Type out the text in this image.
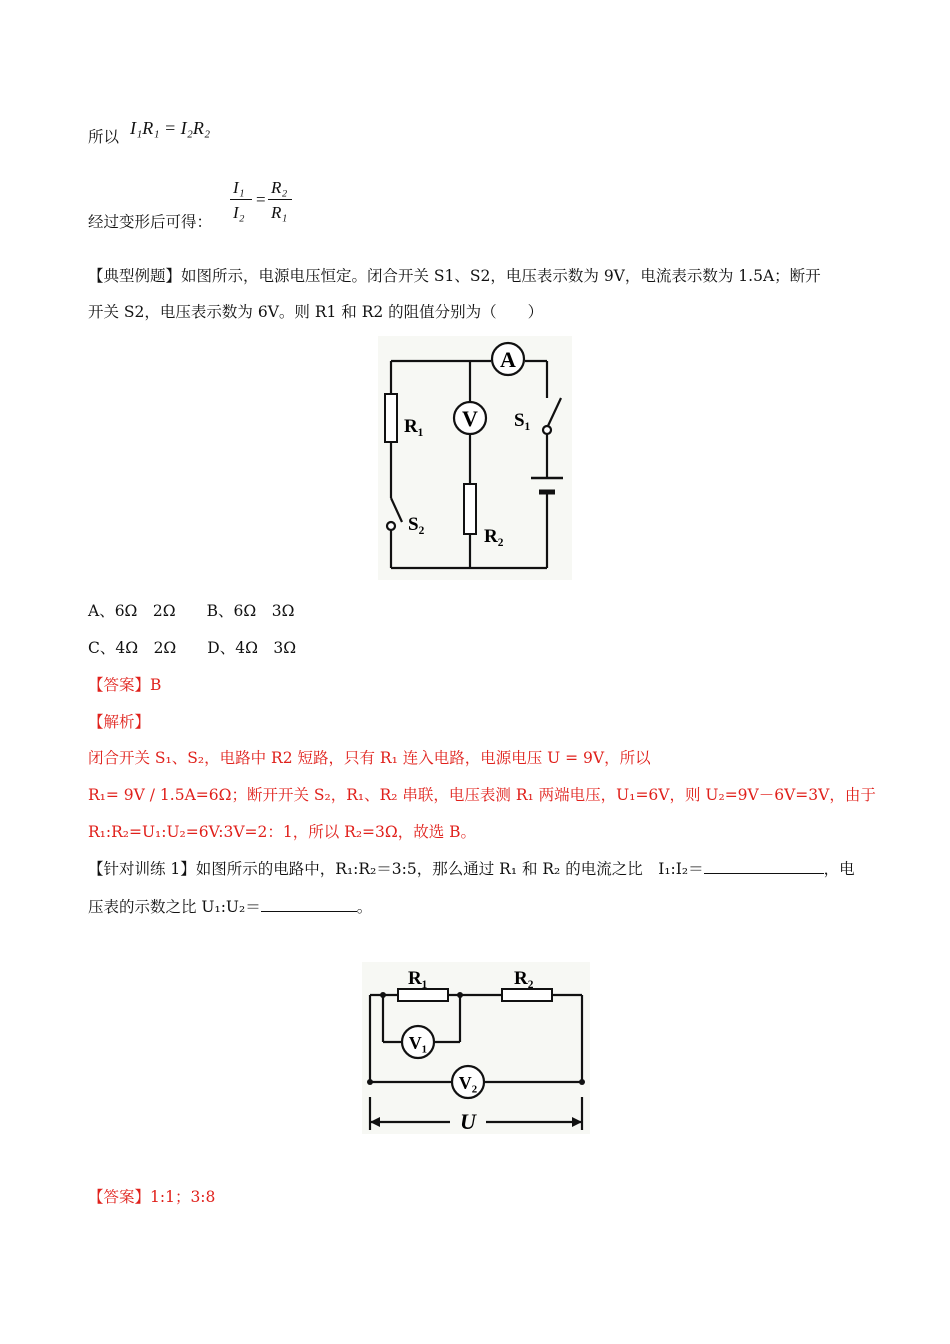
所以 I₁R₁ = I₂R₂
经过变形后可得：
I₁
I₂
=
R₂
R₁
【典型例题】如图所示，电源电压恒定。闭合开关 S1、S2，电压表示数为 9V，电流表示数为 1.5A；断开
开关 S2，电压表示数为 6V。则 R1 和 R2 的阻值分别为（　　）
A
V
R₁
R₂
S₁
S₂
A、6Ω　2Ω　　B、6Ω　3Ω
C、4Ω　2Ω　　D、4Ω　3Ω
【答案】B
【解析】
闭合开关 S₁、S₂，电路中 R2 短路，只有 R₁ 连入电路，电源电压 U = 9V，所以
R₁= 9V / 1.5A=6Ω；断开开关 S₂，R₁、R₂ 串联，电压表测 R₁ 两端电压，U₁=6V，则 U₂=9V－6V=3V，由于
R₁:R₂=U₁:U₂=6V:3V=2：1，所以 R₂=3Ω，故选 B。
【针对训练 1】如图所示的电路中，R₁:R₂＝3:5，那么通过 R₁ 和 R₂ 的电流之比　I₁:I₂＝	，电
压表的示数之比 U₁:U₂＝	。
R₁	R₂
V₁
V₂
U
【答案】1:1；3:8
